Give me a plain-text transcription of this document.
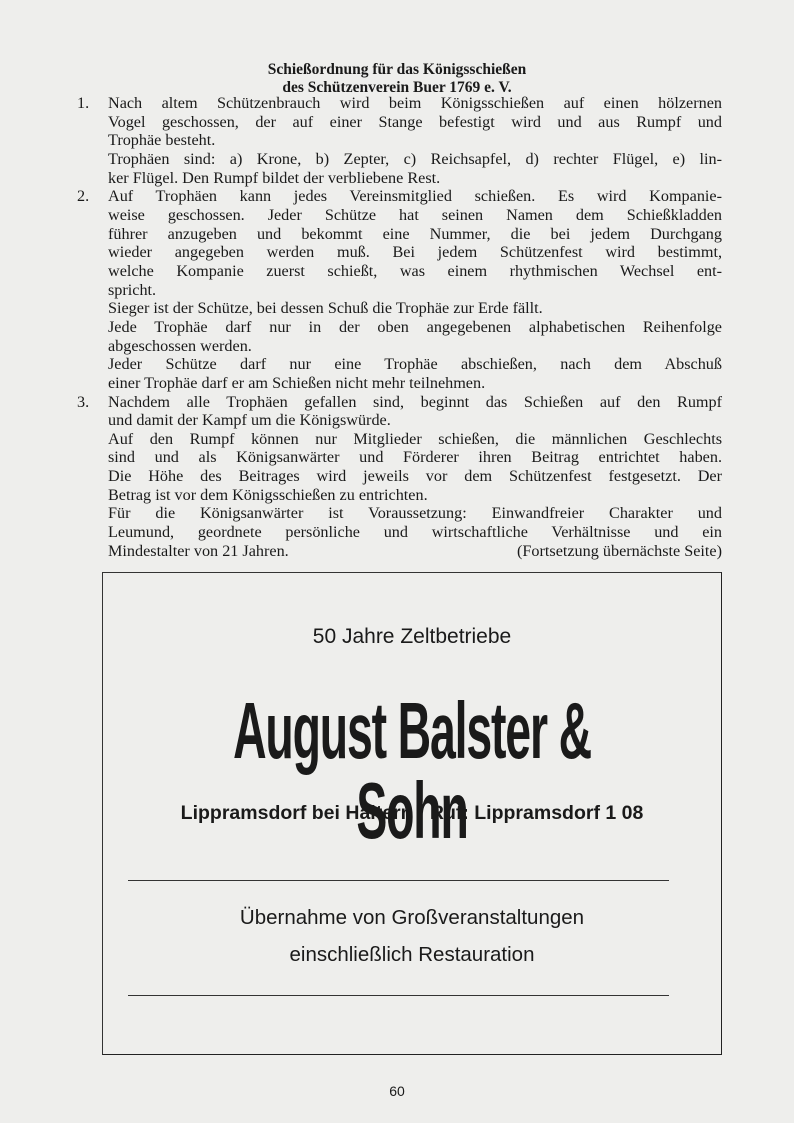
Schießordnung für das Königsschießen
des Schützenverein Buer 1769 e. V.
1. Nach altem Schützenbrauch wird beim Königsschießen auf einen hölzernen
Vogel geschossen, der auf einer Stange befestigt wird und aus Rumpf und
Trophäe besteht.
Trophäen sind: a) Krone, b) Zepter, c) Reichsapfel, d) rechter Flügel, e) lin-
ker Flügel. Den Rumpf bildet der verbliebene Rest.
2. Auf Trophäen kann jedes Vereinsmitglied schießen. Es wird Kompanie-
weise geschossen. Jeder Schütze hat seinen Namen dem Schießkladden
führer anzugeben und bekommt eine Nummer, die bei jedem Durchgang
wieder angegeben werden muß. Bei jedem Schützenfest wird bestimmt,
welche Kompanie zuerst schießt, was einem rhythmischen Wechsel ent-
spricht.
Sieger ist der Schütze, bei dessen Schuß die Trophäe zur Erde fällt.
Jede Trophäe darf nur in der oben angegebenen alphabetischen Reihenfolge
abgeschossen werden.
Jeder Schütze darf nur eine Trophäe abschießen, nach dem Abschuß
einer Trophäe darf er am Schießen nicht mehr teilnehmen.
3. Nachdem alle Trophäen gefallen sind, beginnt das Schießen auf den Rumpf
und damit der Kampf um die Königswürde.
Auf den Rumpf können nur Mitglieder schießen, die männlichen Geschlechts
sind und als Königsanwärter und Förderer ihren Beitrag entrichtet haben.
Die Höhe des Beitrages wird jeweils vor dem Schützenfest festgesetzt. Der
Betrag ist vor dem Königsschießen zu entrichten.
Für die Königsanwärter ist Voraussetzung: Einwandfreier Charakter und
Leumund, geordnete persönliche und wirtschaftliche Verhältnisse und ein
Mindestalter von 21 Jahren.	(Fortsetzung übernächste Seite)
50 Jahre Zeltbetriebe
August Balster & Sohn
Lippramsdorf bei Haltern · Ruf: Lippramsdorf 1 08
Übernahme von Großveranstaltungen
einschließlich Restauration
60
